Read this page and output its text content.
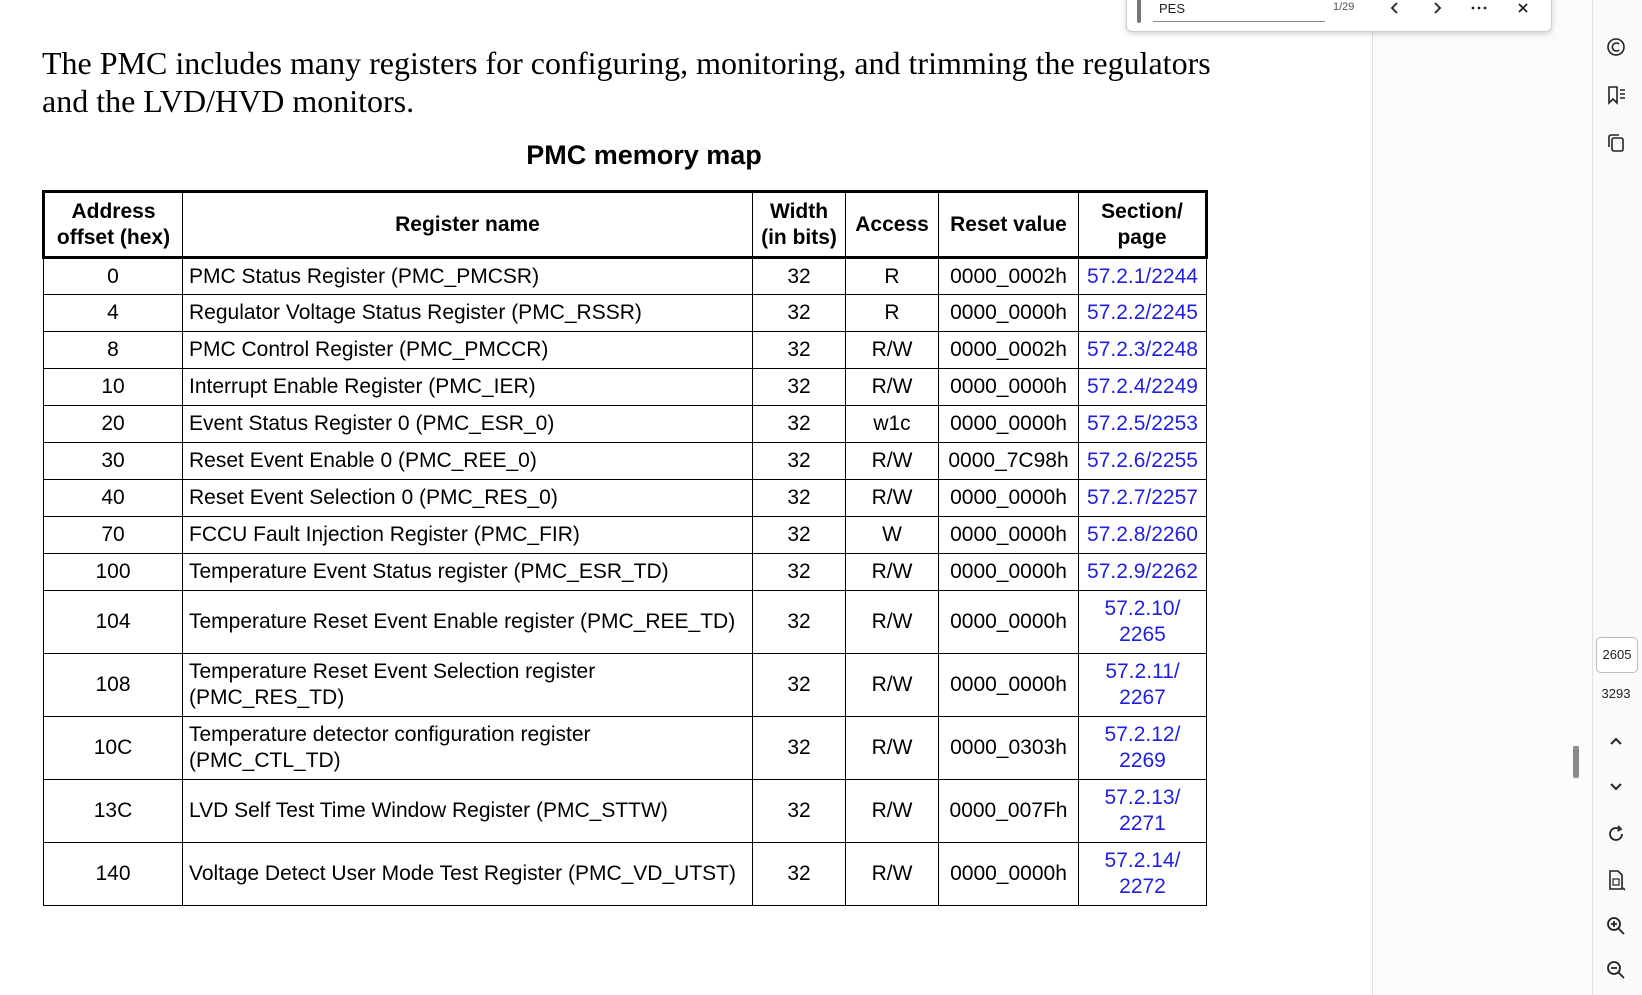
The PMC includes many registers for configuring, monitoring, and trimming the regulators and the LVD/HVD monitors.

PMC memory map
Address offset (hex)	Register name	Width (in bits)	Access	Reset value	Section/ page
0	PMC Status Register (PMC_PMCSR)	32	R	0000_0002h	57.2.1/2244
4	Regulator Voltage Status Register (PMC_RSSR)	32	R	0000_0000h	57.2.2/2245
8	PMC Control Register (PMC_PMCCR)	32	R/W	0000_0002h	57.2.3/2248
10	Interrupt Enable Register (PMC_IER)	32	R/W	0000_0000h	57.2.4/2249
20	Event Status Register 0 (PMC_ESR_0)	32	w1c	0000_0000h	57.2.5/2253
30	Reset Event Enable 0 (PMC_REE_0)	32	R/W	0000_7C98h	57.2.6/2255
40	Reset Event Selection 0 (PMC_RES_0)	32	R/W	0000_0000h	57.2.7/2257
70	FCCU Fault Injection Register (PMC_FIR)	32	W	0000_0000h	57.2.8/2260
100	Temperature Event Status register (PMC_ESR_TD)	32	R/W	0000_0000h	57.2.9/2262
104	Temperature Reset Event Enable register (PMC_REE_TD)	32	R/W	0000_0000h	57.2.10/ 2265
108	Temperature Reset Event Selection register (PMC_RES_TD)	32	R/W	0000_0000h	57.2.11/ 2267
10C	Temperature detector configuration register (PMC_CTL_TD)	32	R/W	0000_0303h	57.2.12/ 2269
13C	LVD Self Test Time Window Register (PMC_STTW)	32	R/W	0000_007Fh	57.2.13/ 2271
140	Voltage Detect User Mode Test Register (PMC_VD_UTST)	32	R/W	0000_0000h	57.2.14/ 2272
PES
1/29
2605
3293
